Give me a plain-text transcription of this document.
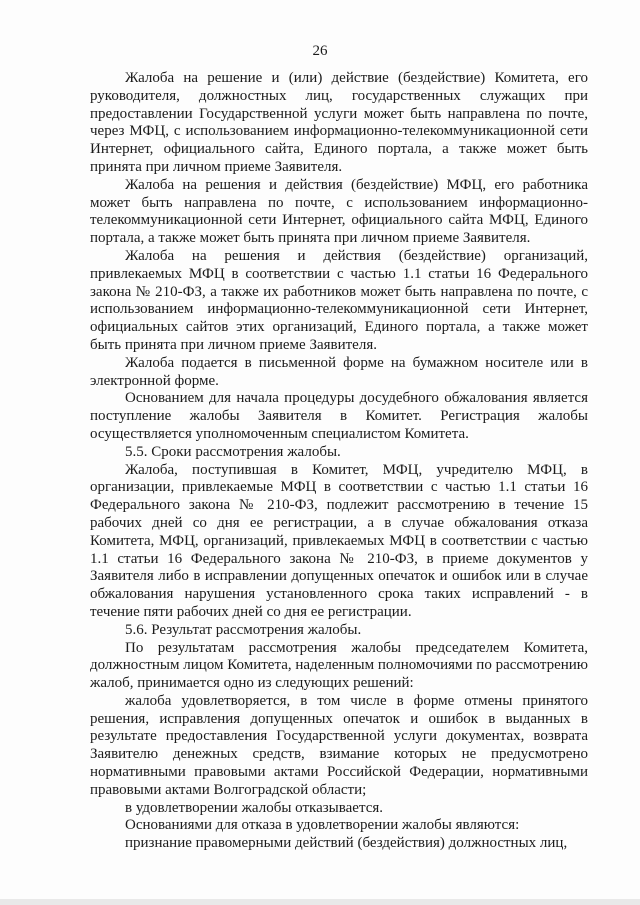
26

Жалоба на решение и (или) действие (бездействие) Комитета, его руководителя, должностных лиц, государственных служащих при предоставлении Государственной услуги может быть направлена по почте, через МФЦ, с использованием информационно-телекоммуникационной сети Интернет, официального сайта, Единого портала, а также может быть принята при личном приеме Заявителя.

Жалоба на решения и действия (бездействие) МФЦ, его работника может быть направлена по почте, с использованием информационно-телекоммуникационной сети Интернет, официального сайта МФЦ, Единого портала, а также может быть принята при личном приеме Заявителя.

Жалоба на решения и действия (бездействие) организаций, привлекаемых МФЦ в соответствии с частью 1.1 статьи 16 Федерального закона № 210-ФЗ, а также их работников может быть направлена по почте, с использованием информационно-телекоммуникационной сети Интернет, официальных сайтов этих организаций, Единого портала, а также может быть принята при личном приеме Заявителя.

Жалоба подается в письменной форме на бумажном носителе или в электронной форме.

Основанием для начала процедуры досудебного обжалования является поступление жалобы Заявителя в Комитет. Регистрация жалобы осуществляется уполномоченным специалистом Комитета.

5.5. Сроки рассмотрения жалобы.

Жалоба, поступившая в Комитет, МФЦ, учредителю МФЦ, в организации, привлекаемые МФЦ в соответствии с частью 1.1 статьи 16 Федерального закона № 210-ФЗ, подлежит рассмотрению в течение 15 рабочих дней со дня ее регистрации, а в случае обжалования отказа Комитета, МФЦ, организаций, привлекаемых МФЦ в соответствии с частью 1.1 статьи 16 Федерального закона № 210-ФЗ, в приеме документов у Заявителя либо в исправлении допущенных опечаток и ошибок или в случае обжалования нарушения установленного срока таких исправлений - в течение пяти рабочих дней со дня ее регистрации.

5.6. Результат рассмотрения жалобы.

По результатам рассмотрения жалобы председателем Комитета, должностным лицом Комитета, наделенным полномочиями по рассмотрению жалоб, принимается одно из следующих решений:

жалоба удовлетворяется, в том числе в форме отмены принятого решения, исправления допущенных опечаток и ошибок в выданных в результате предоставления Государственной услуги документах, возврата Заявителю денежных средств, взимание которых не предусмотрено нормативными правовыми актами Российской Федерации, нормативными правовыми актами Волгоградской области;

в удовлетворении жалобы отказывается.

Основаниями для отказа в удовлетворении жалобы являются:

признание правомерными действий (бездействия) должностных лиц,
